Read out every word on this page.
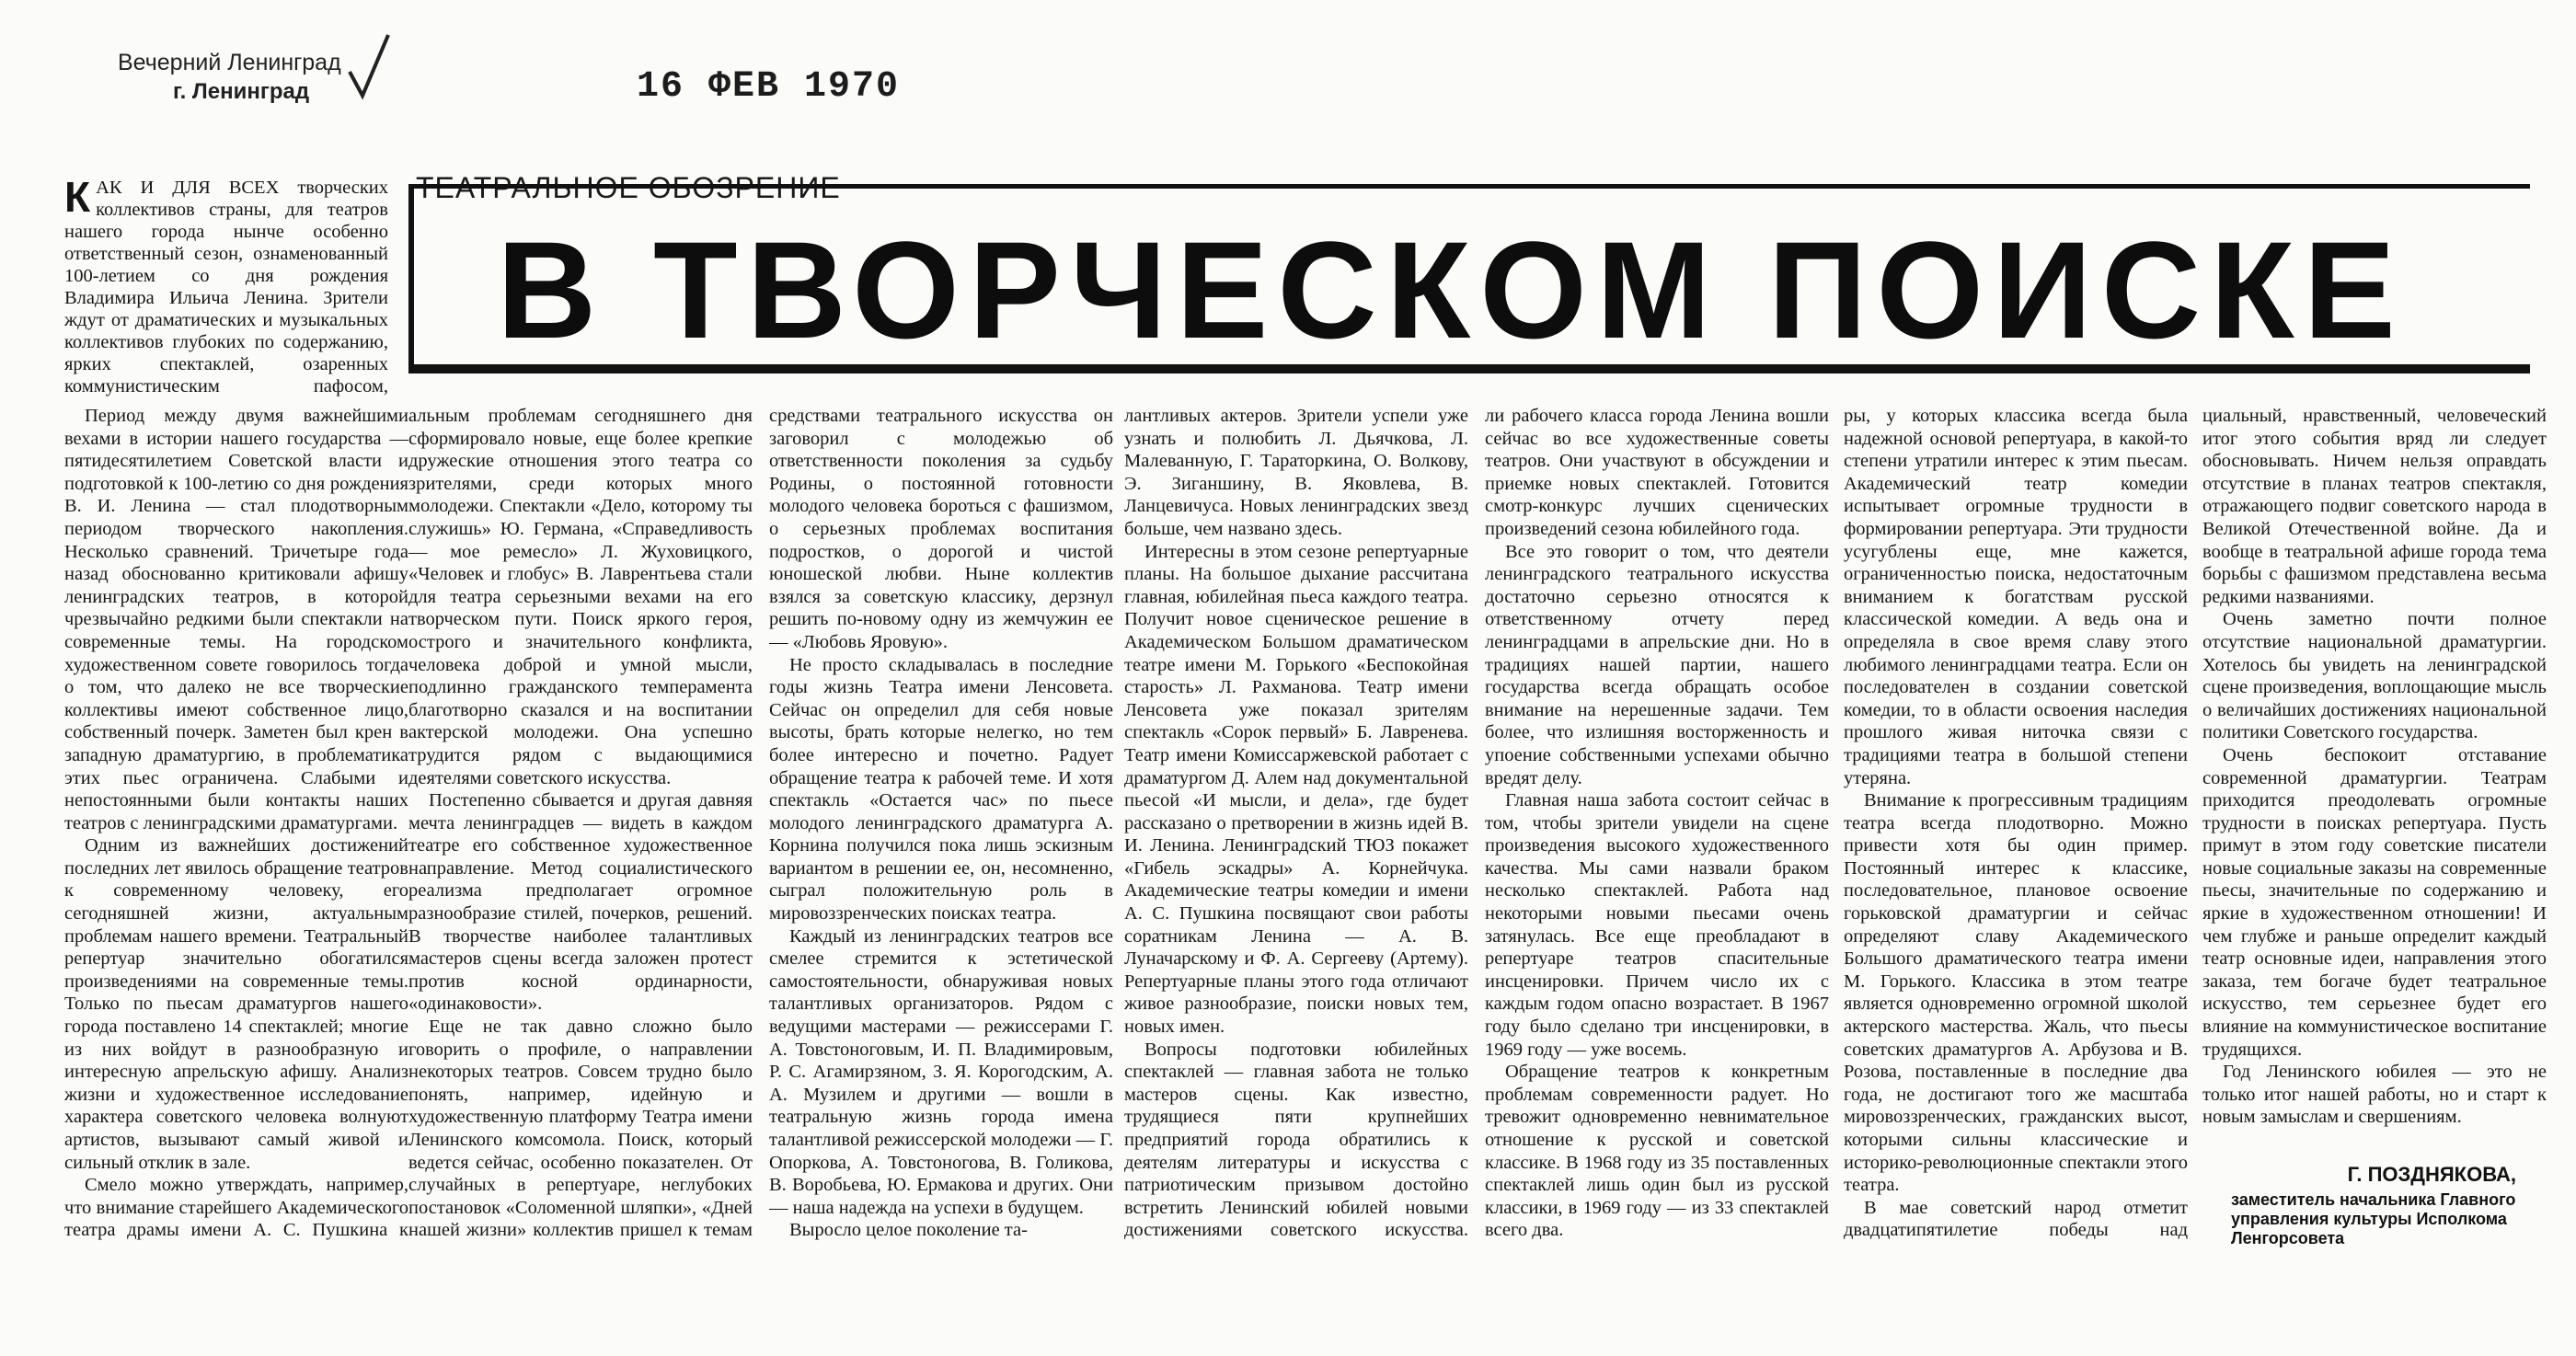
Вечерний Ленинград
г. Ленинград	16 ФЕВ 1970
В ТВОРЧЕСКОМ ПОИСКЕ

КАК И ДЛЯ ВСЕХ творческих коллективов страны, для театров нашего города нынче особенно ответственный сезон, ознаменованный 100-летием со дня рождения Владимира Ильича Ленина. Зрители ждут от драматических и музыкальных коллективов глубоких по содержанию, ярких спектаклей, озаренных коммунистическим пафосом,

Период между двумя важнейшими вехами в истории нашего государства — пятидесятилетием Советской власти и подготовкой к 100-летию со дня рождения В. И. Ленина — стал плодотворным периодом творческого накопления. Несколько сравнений. Тричетыре года назад обоснованно критиковали афишу ленинградских театров, в которой чрезвычайно редкими были спектакли на современные темы. На городском художественном совете говорилось тогда о том, что далеко не все творческие коллективы имеют собственное лицо, собственный почерк. Заметен был крен в западную драматургию, в проблематика этих пьес ограничена. Слабыми и непостоянными были контакты наших театров с ленинградскими драматургами.

Одним из важнейших достижений последних лет явилось обращение театров к современному человеку, его сегодняшней жизни, актуальным проблемам нашего времени. Театральный репертуар значительно обогатился произведениями на современные темы. Только по пьесам драматургов нашего города поставлено 14 спектаклей; многие из них войдут в разнообразную и интересную апрельскую афишу. Анализ жизни и художественное исследование характера советского человека волнуют артистов, вызывают самый живой и сильный отклик в зале.

Смело можно утверждать, например, что внимание старейшего Академического театра драмы имени А. С. Пушкина к

альным проблемам сегодняшнего дня сформировало новые, еще более крепкие дружеские отношения этого театра со зрителями, среди которых много молодежи. Спектакли «Дело, которому ты служишь» Ю. Германа, «Справедливость — мое ремесло» Л. Жуховицкого, «Человек и глобус» В. Лаврентьева стали для театра серьезными вехами на его творческом пути. Поиск яркого героя, острого и значительного конфликта, человека доброй и умной мысли, подлинно гражданского темперамента благотворно сказался и на воспитании актерской молодежи. Она успешно трудится рядом с выдающимися деятелями советского искусства.

Постепенно сбывается и другая давняя мечта ленинградцев — видеть в каждом театре его собственное художественное направление. Метод социалистического реализма предполагает огромное разнообразие стилей, почерков, решений. В творчестве наиболее талантливых мастеров сцены всегда заложен протест против косной ординарности, «одинаковости».

Еще не так давно сложно было говорить о профиле, о направлении некоторых театров. Совсем трудно было понять, например, идейную и художественную платформу Театра имени Ленинского комсомола. Поиск, который ведется сейчас, особенно показателен. От случайных в репертуаре, неглубоких постановок «Соломенной шляпки», «Дней нашей жизни» коллектив пришел к темам

средствами театрального искусства он заговорил с молодежью об ответственности поколения за судьбу Родины, о постоянной готовности молодого человека бороться с фашизмом, о серьезных проблемах воспитания подростков, о дорогой и чистой юношеской любви. Ныне коллектив взялся за советскую классику, дерзнул решить по-новому одну из жемчужин ее — «Любовь Яровую».

Не просто складывалась в последние годы жизнь Театра имени Ленсовета. Сейчас он определил для себя новые высоты, брать которые нелегко, но тем более интересно и почетно. Радует обращение театра к рабочей теме. И хотя спектакль «Остается час» по пьесе молодого ленинградского драматурга А. Корнина получился пока лишь эскизным вариантом в решении ее, он, несомненно, сыграл положительную роль в мировоззренческих поисках театра.

Каждый из ленинградских театров все смелее стремится к эстетической самостоятельности, обнаруживая новых талантливых организаторов. Рядом с ведущими мастерами — режиссерами Г. А. Товстоноговым, И. П. Владимировым, Р. С. Агамирзяном, З. Я. Корогодским, А. А. Музилем и другими — вошли в театральную жизнь города имена талантливой режиссерской молодежи — Г. Опоркова, А. Товстоногова, В. Голикова, В. Воробьева, Ю. Ермакова и других. Они — наша надежда на успехи в будущем.

Выросло целое поколение та-

лантливых актеров. Зрители успели уже узнать и полюбить Л. Дьячкова, Л. Малеванную, Г. Тараторкина, О. Волкову, Э. Зиганшину, В. Яковлева, В. Ланцевичуса. Новых ленинградских звезд больше, чем названо здесь.

Интересны в этом сезоне репертуарные планы. На большое дыхание рассчитана главная, юбилейная пьеса каждого театра. Получит новое сценическое решение в Академическом Большом драматическом театре имени М. Горького «Беспокойная старость» Л. Рахманова. Театр имени Ленсовета уже показал зрителям спектакль «Сорок первый» Б. Лавренева. Театр имени Комиссаржевской работает с драматургом Д. Алем над документальной пьесой «И мысли, и дела», где будет рассказано о претворении в жизнь идей В. И. Ленина. Ленинградский ТЮЗ покажет «Гибель эскадры» А. Корнейчука. Академические театры комедии и имени А. С. Пушкина посвящают свои работы соратникам Ленина — А. В. Луначарскому и Ф. А. Сергееву (Артему). Репертуарные планы этого года отличают живое разнообразие, поиски новых тем, новых имен.

Вопросы подготовки юбилейных спектаклей — главная забота не только мастеров сцены. Как известно, трудящиеся пяти крупнейших предприятий города обратились к деятелям литературы и искусства с патриотическим призывом достойно встретить Ленинский юбилей новыми достижениями советского искусства.

ли рабочего класса города Ленина вошли сейчас во все художественные советы театров. Они участвуют в обсуждении и приемке новых спектаклей. Готовится смотр-конкурс лучших сценических произведений сезона юбилейного года.

Все это говорит о том, что деятели ленинградского театрального искусства достаточно серьезно относятся к ответственному отчету перед ленинградцами в апрельские дни. Но в традициях нашей партии, нашего государства всегда обращать особое внимание на нерешенные задачи. Тем более, что излишняя восторженность и упоение собственными успехами обычно вредят делу.

Главная наша забота состоит сейчас в том, чтобы зрители увидели на сцене произведения высокого художественного качества. Мы сами назвали браком несколько спектаклей. Работа над некоторыми новыми пьесами очень затянулась. Все еще преобладают в репертуаре театров спасительные инсценировки. Причем число их с каждым годом опасно возрастает. В 1967 году было сделано три инсценировки, в 1969 году — уже восемь.

Обращение театров к конкретным проблемам современности радует. Но тревожит одновременно невнимательное отношение к русской и советской классике. В 1968 году из 35 поставленных спектаклей лишь один был из русской классики, в 1969 году — из 33 спектаклей всего два.

ры, у которых классика всегда была надежной основой репертуара, в какой-то степени утратили интерес к этим пьесам. Академический театр комедии испытывает огромные трудности в формировании репертуара. Эти трудности усугублены еще, мне кажется, ограниченностью поиска, недостаточным вниманием к богатствам русской классической комедии. А ведь она и определяла в свое время славу этого любимого ленинградцами театра. Если он последователен в создании советской комедии, то в области освоения наследия прошлого живая ниточка связи с традициями театра в большой степени утеряна.

Внимание к прогрессивным традициям театра всегда плодотворно. Можно привести хотя бы один пример. Постоянный интерес к классике, последовательное, плановое освоение горьковской драматургии и сейчас определяют славу Академического Большого драматического театра имени М. Горького. Классика в этом театре является одновременно огромной школой актерского мастерства. Жаль, что пьесы советских драматургов А. Арбузова и В. Розова, поставленные в последние два года, не достигают того же масштаба мировоззренческих, гражданских высот, которыми сильны классические и историко-революционные спектакли этого театра.

В мае советский народ отметит двадцатипятилетие победы над

циальный, нравственный, человеческий итог этого события вряд ли следует обосновывать. Ничем нельзя оправдать отсутствие в планах театров спектакля, отражающего подвиг советского народа в Великой Отечественной войне. Да и вообще в театральной афише города тема борьбы с фашизмом представлена весьма редкими названиями.

Очень заметно почти полное отсутствие национальной драматургии. Хотелось бы увидеть на ленинградской сцене произведения, воплощающие мысль о величайших достижениях национальной политики Советского государства.

Очень беспокоит отставание современной драматургии. Театрам приходится преодолевать огромные трудности в поисках репертуара. Пусть примут в этом году советские писатели новые социальные заказы на современные пьесы, значительные по содержанию и яркие в художественном отношении! И чем глубже и раньше определит каждый театр основные идеи, направления этого заказа, тем богаче будет театральное искусство, тем серьезнее будет его влияние на коммунистическое воспитание трудящихся.

Год Ленинского юбилея — это не только итог нашей работы, но и старт к новым замыслам и свершениям.

Г. ПОЗДНЯКОВА,
заместитель начальника Главного управления культуры Исполкома Ленгорсовета
